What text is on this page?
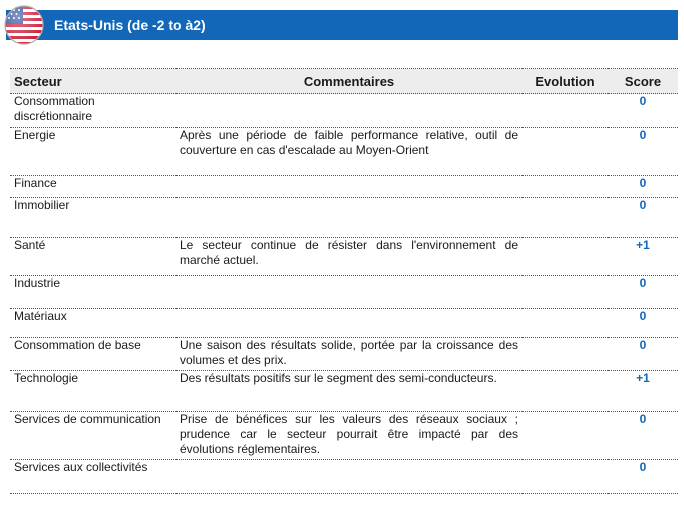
Etats-Unis (de -2 to à2)
Secteur	Commentaires	Evolution	Score
Consommation discrétionnaire			0
Energie	Après une période de faible performance relative, outil de couverture en cas d'escalade au Moyen-Orient		0
Finance			0
Immobilier			0
Santé	Le secteur continue de résister dans l'environnement de marché actuel.		+1
Industrie			0
Matériaux			0
Consommation de base	Une saison des résultats solide, portée par la croissance des volumes et des prix.		0
Technologie	Des résultats positifs sur le segment des semi-conducteurs.		+1
Services de communication	Prise de bénéfices sur les valeurs des réseaux sociaux ; prudence car le secteur pourrait être impacté par des évolutions réglementaires.		0
Services aux collectivités			0
